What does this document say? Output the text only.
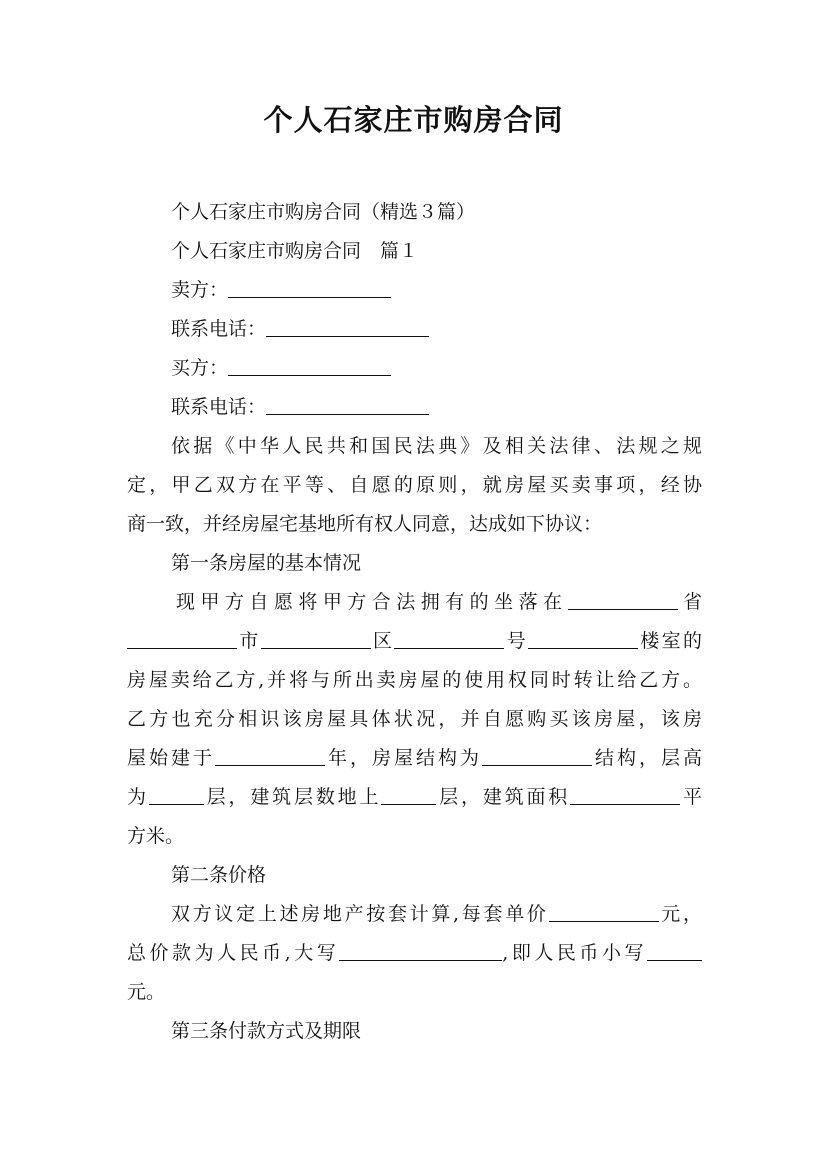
个人石家庄市购房合同
个人石家庄市购房合同（精选３篇）
个人石家庄市购房合同　篇１
卖方：
联系电话：
买方：
联系电话：
依据《中华人民共和国民法典》及相关法律、法规之规
定，甲乙双方在平等、自愿的原则，就房屋买卖事项，经协
商一致，并经房屋宅基地所有权人同意，达成如下协议：
第一条房屋的基本情况
现甲方自愿将甲方合法拥有的坐落在	省
市	区	号	楼室的
房屋卖给乙方,并将与所出卖房屋的使用权同时转让给乙方。
乙方也充分相识该房屋具体状况，并自愿购买该房屋，该房
屋始建于	年，房屋结构为	结构，层高
为	层，建筑层数地上	层，建筑面积	平
方米。
第二条价格
双方议定上述房地产按套计算,每套单价	元，
总价款为人民币,大写	,即人民币小写
元。
第三条付款方式及期限
